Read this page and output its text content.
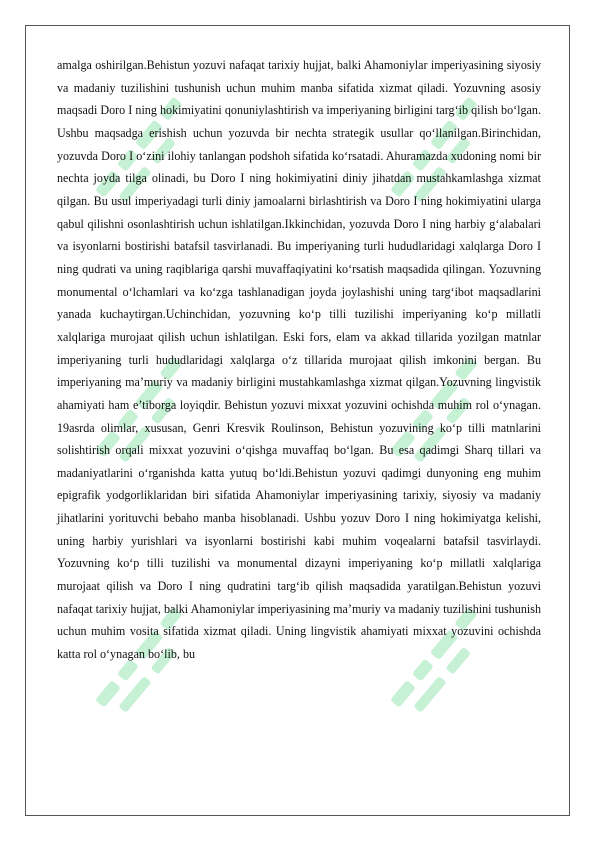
amalga oshirilgan.Behistun yozuvi nafaqat tarixiy hujjat, balki Ahamoniylar imperiyasining siyosiy va madaniy tuzilishini tushunish uchun muhim manba sifatida xizmat qiladi. Yozuvning asosiy maqsadi Doro I ning hokimiyatini qonuniylashtirish va imperiyaning birligini targ‘ib qilish bo‘lgan. Ushbu maqsadga erishish uchun yozuvda bir nechta strategik usullar qo‘llanilgan.Birinchidan, yozuvda Doro I o‘zini ilohiy tanlangan podshoh sifatida ko‘rsatadi. Ahuramazda xudoning nomi bir nechta joyda tilga olinadi, bu Doro I ning hokimiyatini diniy jihatdan mustahkamlashga xizmat qilgan. Bu usul imperiyadagi turli diniy jamoalarni birlashtirish va Doro I ning hokimiyatini ularga qabul qilishni osonlashtirish uchun ishlatilgan.Ikkinchidan, yozuvda Doro I ning harbiy g‘alabalari va isyonlarni bostirishi batafsil tasvirlanadi. Bu imperiyaning turli hududlaridagi xalqlarga Doro I ning qudrati va uning raqiblariga qarshi muvaffaqiyatini ko‘rsatish maqsadida qilingan. Yozuvning monumental o‘lchamlari va ko‘zga tashlanadigan joyda joylashishi uning targ‘ibot maqsadlarini yanada kuchaytirgan.Uchinchidan, yozuvning ko‘p tilli tuzilishi imperiyaning ko‘p millatli xalqlariga murojaat qilish uchun ishlatilgan. Eski fors, elam va akkad tillarida yozilgan matnlar imperiyaning turli hududlaridagi xalqlarga o‘z tillarida murojaat qilish imkonini bergan. Bu imperiyaning ma’muriy va madaniy birligini mustahkamlashga xizmat qilgan.Yozuvning lingvistik ahamiyati ham e’tiborga loyiqdir. Behistun yozuvi mixxat yozuvini ochishda muhim rol o‘ynagan. 19asrda olimlar, xususan, Genri Kresvik Roulinson, Behistun yozuvining ko‘p tilli matnlarini solishtirish orqali mixxat yozuvini o‘qishga muvaffaq bo‘lgan. Bu esa qadimgi Sharq tillari va madaniyatlarini o‘rganishda katta yutuq bo‘ldi.Behistun yozuvi qadimgi dunyoning eng muhim epigrafik yodgorliklaridan biri sifatida Ahamoniylar imperiyasining tarixiy, siyosiy va madaniy jihatlarini yorituvchi bebaho manba hisoblanadi. Ushbu yozuv Doro I ning hokimiyatga kelishi, uning harbiy yurishlari va isyonlarni bostirishi kabi muhim voqealarni batafsil tasvirlaydi. Yozuvning ko‘p tilli tuzilishi va monumental dizayni imperiyaning ko‘p millatli xalqlariga murojaat qilish va Doro I ning qudratini targ‘ib qilish maqsadida yaratilgan.Behistun yozuvi nafaqat tarixiy hujjat, balki Ahamoniylar imperiyasining ma’muriy va madaniy tuzilishini tushunish uchun muhim vosita sifatida xizmat qiladi. Uning lingvistik ahamiyati mixxat yozuvini ochishda katta rol o‘ynagan bo‘lib, bu
